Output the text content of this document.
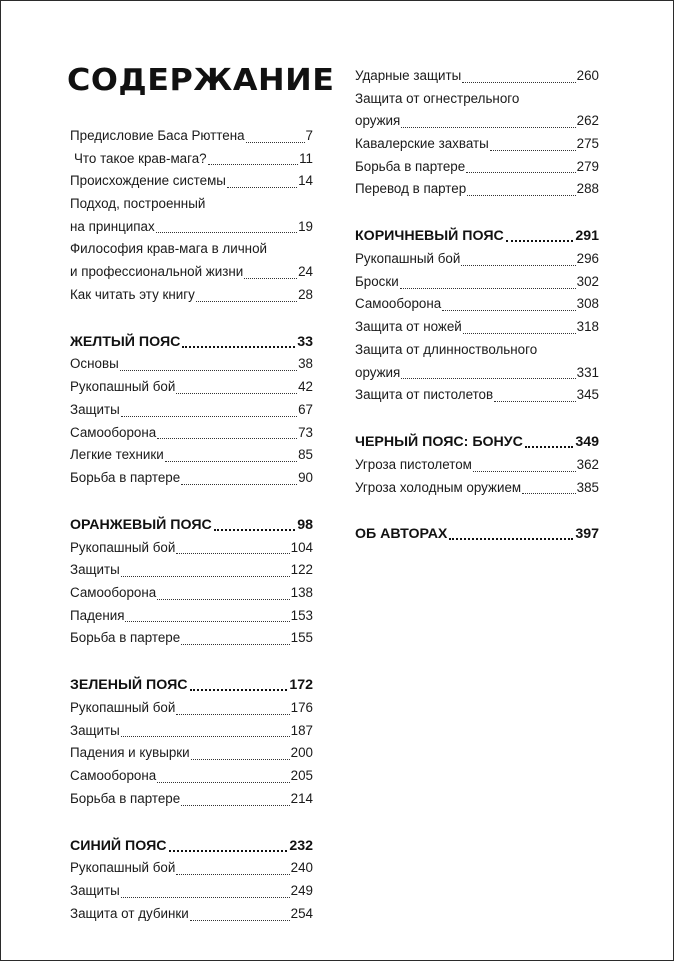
СОДЕРЖАНИЕ
Предисловие Баса Рюттена	7
Что такое крав-мага?	11
Происхождение системы	14
Подход, построенный
на принципах	19
Философия крав-мага в личной
и профессиональной жизни	24
Как читать эту книгу	28
ЖЕЛТЫЙ ПОЯС	33
Основы	38
Рукопашный бой	42
Защиты	67
Самооборона	73
Легкие техники	85
Борьба в партере	90
ОРАНЖЕВЫЙ ПОЯС	98
Рукопашный бой	104
Защиты	122
Самооборона	138
Падения	153
Борьба в партере	155
ЗЕЛЕНЫЙ ПОЯС	172
Рукопашный бой	176
Защиты	187
Падения и кувырки	200
Самооборона	205
Борьба в партере	214
СИНИЙ ПОЯС	232
Рукопашный бой	240
Защиты	249
Защита от дубинки	254
Ударные защиты	260
Защита от огнестрельного
оружия	262
Кавалерские захваты	275
Борьба в партере	279
Перевод в партер	288
КОРИЧНЕВЫЙ ПОЯС	291
Рукопашный бой	296
Броски	302
Самооборона	308
Защита от ножей	318
Защита от длинноствольного
оружия	331
Защита от пистолетов	345
ЧЕРНЫЙ ПОЯС: БОНУС	349
Угроза пистолетом	362
Угроза холодным оружием	385
ОБ АВТОРАХ	397
